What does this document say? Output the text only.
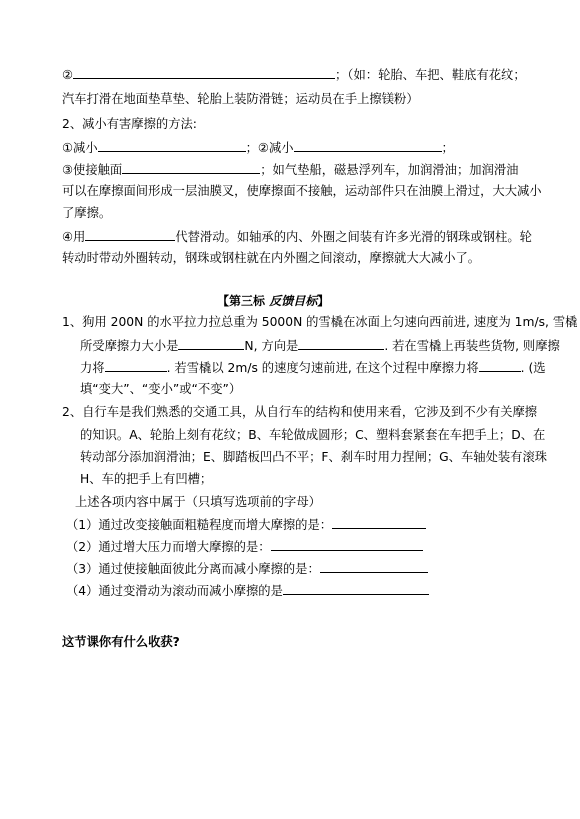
②	；（如：轮胎、车把、鞋底有花纹；
汽车打滑在地面垫草垫、轮胎上装防滑链；运动员在手上擦镁粉）
2、减小有害摩擦的方法:
①减小	；②减小	；
③使接触面	；如气垫船，磁悬浮列车，加润滑油；加润滑油
可以在摩擦面间形成一层油膜叉，使摩擦面不接触，运动部件只在油膜上滑过，大大减小
了摩擦。
④用	代替滑动。如轴承的内、外圈之间装有许多光滑的钢珠或钢柱。轮
转动时带动外圈转动，钢珠或钢柱就在内外圈之间滚动，摩擦就大大减小了。
【第三标 反馈目标】
1、狗用 200N 的水平拉力拉总重为 5000N 的雪橇在冰面上匀速向西前进, 速度为 1m/s, 雪橇
所受摩擦力大小是	N, 方向是	. 若在雪橇上再装些货物, 则摩擦
力将	. 若雪橇以 2m/s 的速度匀速前进, 在这个过程中摩擦力将	. (选
填“变大”、“变小”或“不变”）
2、自行车是我们熟悉的交通工具，从自行车的结构和使用来看，它涉及到不少有关摩擦
的知识。A、轮胎上刻有花纹；B、车轮做成圆形；C、塑料套紧套在车把手上；D、在
转动部分添加润滑油；E、脚踏板凹凸不平；F、刹车时用力捏闸；G、车轴处装有滚珠
H、车的把手上有凹槽；
上述各项内容中属于（只填写选项前的字母）
（1）通过改变接触面粗糙程度而增大摩擦的是：
（2）通过增大压力而增大摩擦的是：
（3）通过使接触面彼此分离而减小摩擦的是：
（4）通过变滑动为滚动而减小摩擦的是
这节课你有什么收获?
